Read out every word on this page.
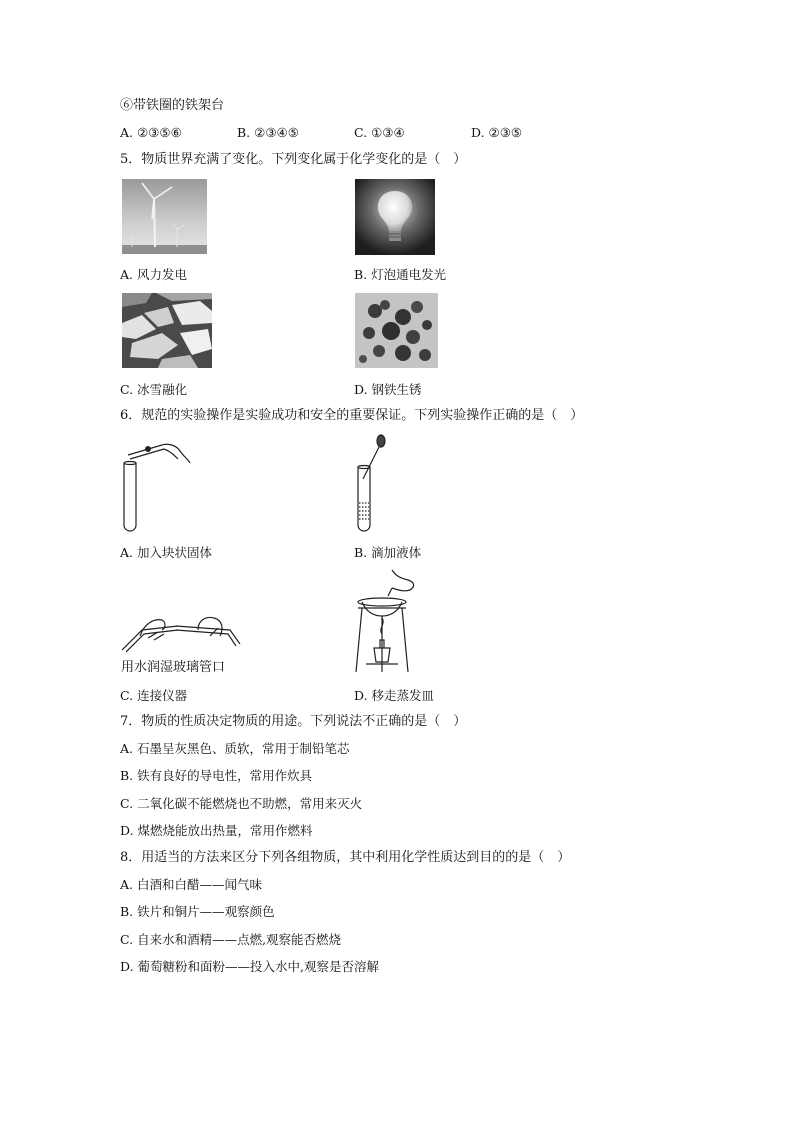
⑥带铁圈的铁架台
A. ②③⑤⑥	B. ②③④⑤	C. ①③④	D. ②③⑤
5．物质世界充满了变化。下列变化属于化学变化的是（　）
A. 风力发电	B. 灯泡通电发光
C. 冰雪融化	D. 钢铁生锈
6．规范的实验操作是实验成功和安全的重要保证。下列实验操作正确的是（　）
A. 加入块状固体	B. 滴加液体
用水润湿玻璃管口
C. 连接仪器	D. 移走蒸发皿
7．物质的性质决定物质的用途。下列说法不正确的是（　）
A. 石墨呈灰黑色、质软，常用于制铅笔芯
B. 铁有良好的导电性，常用作炊具
C. 二氧化碳不能燃烧也不助燃，常用来灭火
D. 煤燃烧能放出热量，常用作燃料
8．用适当的方法来区分下列各组物质，其中利用化学性质达到目的的是（　）
A. 白酒和白醋——闻气味
B. 铁片和铜片——观察颜色
C. 自来水和酒精——点燃,观察能否燃烧
D. 葡萄糖粉和面粉——投入水中,观察是否溶解
